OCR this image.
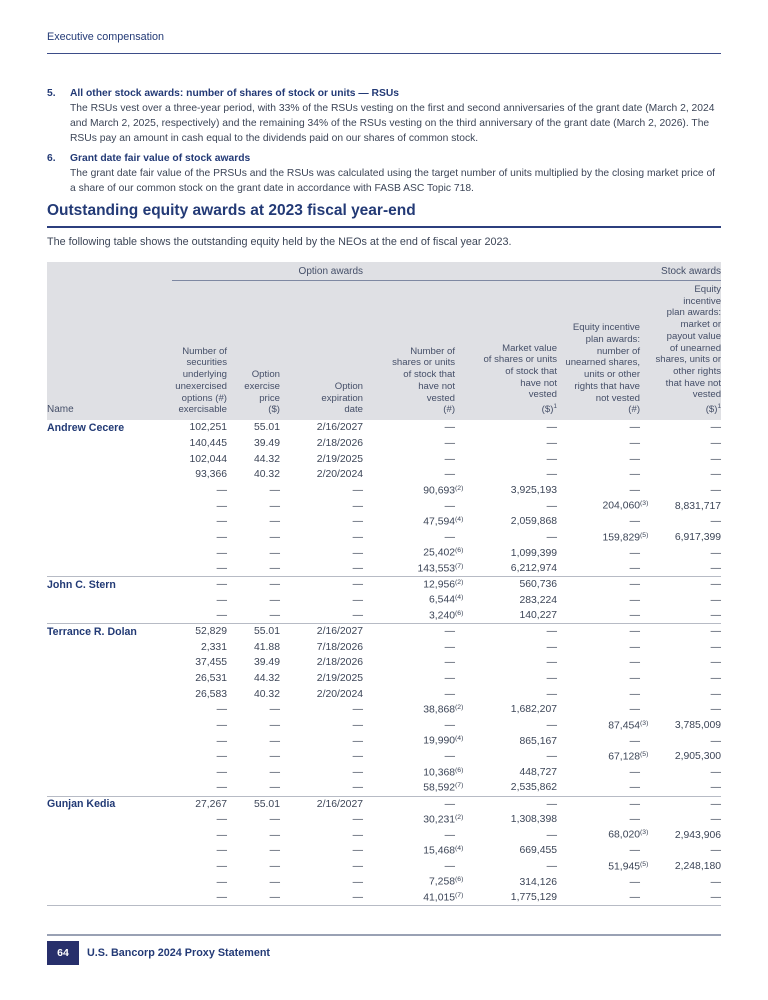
Executive compensation
5. All other stock awards: number of shares of stock or units — RSUs
The RSUs vest over a three-year period, with 33% of the RSUs vesting on the first and second anniversaries of the grant date (March 2, 2024 and March 2, 2025, respectively) and the remaining 34% of the RSUs vesting on the third anniversary of the grant date (March 2, 2026). The RSUs pay an amount in cash equal to the dividends paid on our shares of common stock.
6. Grant date fair value of stock awards
The grant date fair value of the PRSUs and the RSUs was calculated using the target number of units multiplied by the closing market price of a share of our common stock on the grant date in accordance with FASB ASC Topic 718.
Outstanding equity awards at 2023 fiscal year-end
The following table shows the outstanding equity held by the NEOs at the end of fiscal year 2023.
	Option awards			Stock awards			
Name	Number of
securities
underlying
unexercised
options (#)
exercisable	Option
exercise
price
($)	Option
expiration
date	Number of
shares or units
of stock that
have not
vested
(#)	Market value
of shares or units
of stock that
have not
vested
($)$^1$	Equity incentive
plan awards:
number of
unearned shares,
units or other
rights that have
not vested
(#)	Equity incentive
plan awards:
market or
payout value
of unearned
shares, units or
other rights
that have not
vested
($)$^1$
Andrew Cecere	102,251	55.01	2/16/2027	—	—	—	—
	140,445	39.49	2/18/2026	—	—	—	—
	102,044	44.32	2/19/2025	—	—	—	—
	93,366	40.32	2/20/2024	—	—	—	—
	—	—	—	90,693(2)	3,925,193	—	—
	—	—	—	—	—	204,060(3)	8,831,717
	—	—	—	47,594(4)	2,059,868	—	—
	—	—	—	—	—	159,829(5)	6,917,399
	—	—	—	25,402(6)	1,099,399	—	—
	—	—	—	143,553(7)	6,212,974	—	—
John C. Stern	—	—	—	12,956(2)	560,736	—	—
	—	—	—	6,544(4)	283,224	—	—
	—	—	—	3,240(6)	140,227	—	—
Terrance R. Dolan	52,829	55.01	2/16/2027	—	—	—	—
	2,331	41.88	7/18/2026	—	—	—	—
	37,455	39.49	2/18/2026	—	—	—	—
	26,531	44.32	2/19/2025	—	—	—	—
	26,583	40.32	2/20/2024	—	—	—	—
	—	—	—	38,868(2)	1,682,207	—	—
	—	—	—	—	—	87,454(3)	3,785,009
	—	—	—	19,990(4)	865,167	—	—
	—	—	—	—	—	67,128(5)	2,905,300
	—	—	—	10,368(6)	448,727	—	—
	—	—	—	58,592(7)	2,535,862	—	—
Gunjan Kedia	27,267	55.01	2/16/2027	—	—	—	—
	—	—	—	30,231(2)	1,308,398	—	—
	—	—	—	—	—	68,020(3)	2,943,906
	—	—	—	15,468(4)	669,455	—	—
	—	—	—	—	—	51,945(5)	2,248,180
	—	—	—	7,258(6)	314,126	—	—
	—	—	—	41,015(7)	1,775,129	—	—
64	U.S. Bancorp 2024 Proxy Statement
